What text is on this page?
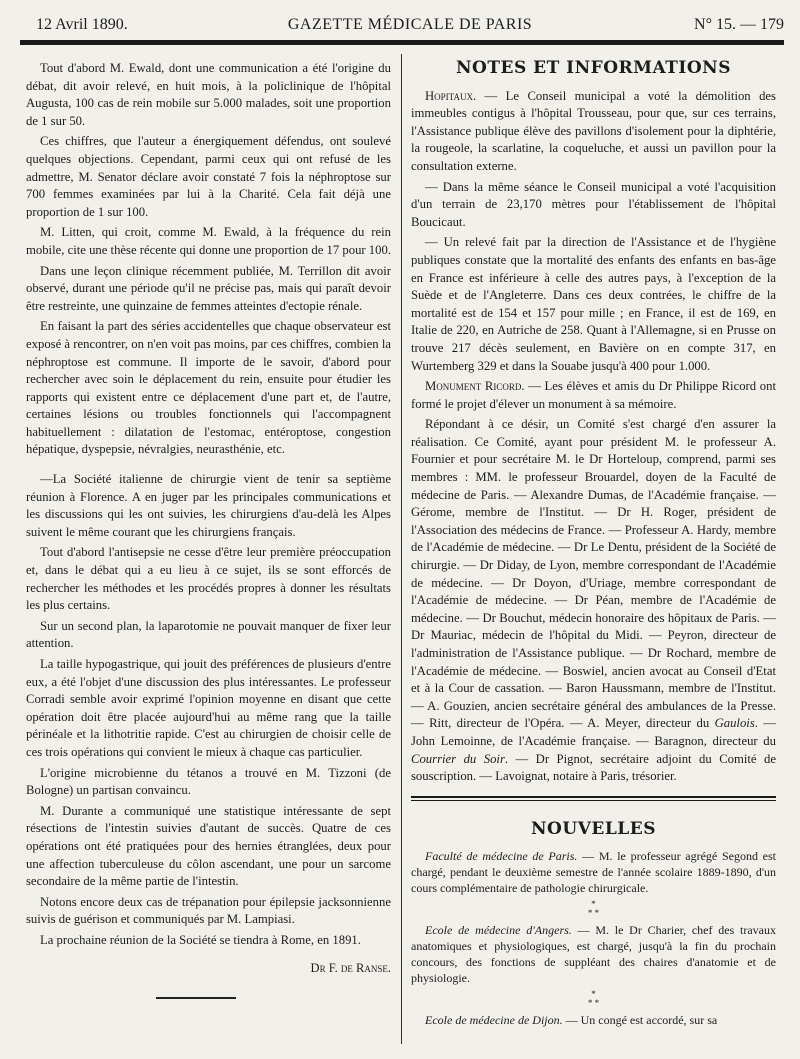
12 Avril 1890.	GAZETTE MÉDICALE DE PARIS	N° 15. — 179

Tout d'abord M. Ewald, dont une communication a été l'origine du débat, dit avoir relevé, en huit mois, à la policlinique de l'hôpital Augusta, 100 cas de rein mobile sur 5.000 malades, soit une proportion de 1 sur 50.

Ces chiffres, que l'auteur a énergiquement défendus, ont soulevé quelques objections. Cependant, parmi ceux qui ont refusé de les admettre, M. Senator déclare avoir constaté 7 fois la néphroptose sur 700 femmes examinées par lui à la Charité. Cela fait déjà une proportion de 1 sur 100.

M. Litten, qui croit, comme M. Ewald, à la fréquence du rein mobile, cite une thèse récente qui donne une proportion de 17 pour 100.

Dans une leçon clinique récemment publiée, M. Terrillon dit avoir observé, durant une période qu'il ne précise pas, mais qui paraît devoir être restreinte, une quinzaine de femmes atteintes d'ectopie rénale.

En faisant la part des séries accidentelles que chaque observateur est exposé à rencontrer, on n'en voit pas moins, par ces chiffres, combien la néphroptose est commune. Il importe de le savoir, d'abord pour rechercher avec soin le déplacement du rein, ensuite pour étudier les rapports qui existent entre ce déplacement d'une part et, de l'autre, certaines lésions ou troubles fonctionnels qui l'accompagnent habituellement : dilatation de l'estomac, entéroptose, congestion hépatique, dyspepsie, névralgies, neurasthénie, etc.

—La Société italienne de chirurgie vient de tenir sa septième réunion à Florence. A en juger par les principales communications et les discussions qui les ont suivies, les chirurgiens d'au-delà les Alpes suivent le même courant que les chirurgiens français.

Tout d'abord l'antisepsie ne cesse d'être leur première préoccupation et, dans le débat qui a eu lieu à ce sujet, ils se sont efforcés de rechercher les méthodes et les procédés propres à donner les résultats les plus certains.

Sur un second plan, la laparotomie ne pouvait manquer de fixer leur attention.

La taille hypogastrique, qui jouit des préférences de plusieurs d'entre eux, a été l'objet d'une discussion des plus intéressantes. Le professeur Corradi semble avoir exprimé l'opinion moyenne en disant que cette opération doit être placée aujourd'hui au même rang que la taille périnéale et la lithotritie rapide. C'est au chirurgien de choisir celle de ces trois opérations qui convient le mieux à chaque cas particulier.

L'origine microbienne du tétanos a trouvé en M. Tizzoni (de Bologne) un partisan convaincu.

M. Durante a communiqué une statistique intéressante de sept résections de l'intestin suivies d'autant de succès. Quatre de ces opérations ont été pratiquées pour des hernies étranglées, deux pour une affection tuberculeuse du côlon ascendant, une pour un sarcome secondaire de la même partie de l'intestin.

Notons encore deux cas de trépanation pour épilepsie jacksonnienne suivis de guérison et communiqués par M. Lampiasi.

La prochaine réunion de la Société se tiendra à Rome, en 1891.

Dr F. de Ranse.

NOTES ET INFORMATIONS

Hopitaux. — Le Conseil municipal a voté la démolition des immeubles contigus à l'hôpital Trousseau, pour que, sur ces terrains, l'Assistance publique élève des pavillons d'isolement pour la diphtérie, la rougeole, la scarlatine, la coqueluche, et aussi un pavillon pour la consultation externe.

— Dans la même séance le Conseil municipal a voté l'acquisition d'un terrain de 23,170 mètres pour l'établissement de l'hôpital Boucicaut.

— Un relevé fait par la direction de l'Assistance et de l'hygiène publiques constate que la mortalité des enfants des enfants en bas-âge en France est inférieure à celle des autres pays, à l'exception de la Suède et de l'Angleterre. Dans ces deux contrées, le chiffre de la mortalité est de 154 et 157 pour mille ; en France, il est de 169, en Italie de 220, en Autriche de 258. Quant à l'Allemagne, si en Prusse on trouve 217 décès seulement, en Bavière on en compte 317, en Wurtemberg 329 et dans la Souabe jusqu'à 400 pour 1.000.

Monument Ricord. — Les élèves et amis du Dr Philippe Ricord ont formé le projet d'élever un monument à sa mémoire.

Répondant à ce désir, un Comité s'est chargé d'en assurer la réalisation. Ce Comité, ayant pour président M. le professeur A. Fournier et pour secrétaire M. le Dr Horteloup, comprend, parmi ses membres : MM. le professeur Brouardel, doyen de la Faculté de médecine de Paris. — Alexandre Dumas, de l'Académie française. — Gérome, membre de l'Institut. — Dr H. Roger, président de l'Association des médecins de France. — Professeur A. Hardy, membre de l'Académie de médecine. — Dr Le Dentu, président de la Société de chirurgie. — Dr Diday, de Lyon, membre correspondant de l'Académie de médecine. — Dr Doyon, d'Uriage, membre correspondant de l'Académie de médecine. — Dr Péan, membre de l'Académie de médecine. — Dr Bouchut, médecin honoraire des hôpitaux de Paris. — Dr Mauriac, médecin de l'hôpital du Midi. — Peyron, directeur de l'administration de l'Assistance publique. — Dr Rochard, membre de l'Académie de médecine. — Boswiel, ancien avocat au Conseil d'Etat et à la Cour de cassation. — Baron Haussmann, membre de l'Institut. — A. Gouzien, ancien secrétaire général des ambulances de la Presse. — Ritt, directeur de l'Opéra. — A. Meyer, directeur du Gaulois. — John Lemoinne, de l'Académie française. — Baragnon, directeur du Courrier du Soir. — Dr Pignot, secrétaire adjoint du Comité de souscription. — Lavoignat, notaire à Paris, trésorier.

NOUVELLES

Faculté de médecine de Paris. — M. le professeur agrégé Segond est chargé, pendant le deuxième semestre de l'année scolaire 1889-1890, d'un cours complémentaire de pathologie chirurgicale.

*
* *

Ecole de médecine d'Angers. — M. le Dr Charier, chef des travaux anatomiques et physiologiques, est chargé, jusqu'à la fin du prochain concours, des fonctions de suppléant des chaires d'anatomie et de physiologie.

*
* *

Ecole de médecine de Dijon. — Un congé est accordé, sur sa
